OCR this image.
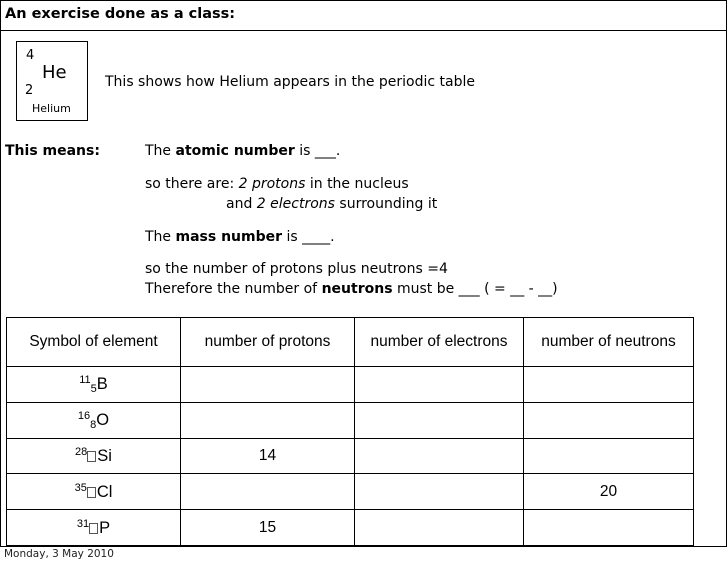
An exercise done as a class:
4
He
2
Helium
This shows how Helium appears in the periodic table
This means:	The atomic number is ___.
so there are: 2 protons in the nucleus
and 2 electrons surrounding it
The mass number is ____.
so the number of protons plus neutrons =4
Therefore the number of neutrons must be ___ ( = __ - __)
Symbol of element	number of protons	number of electrons	number of neutrons
$^{11}$5B			
$^{16}$8O			
$^{28}$ Si	14		
$^{35}$ Cl			20
$^{31}$ P	15		
Monday, 3 May 2010
